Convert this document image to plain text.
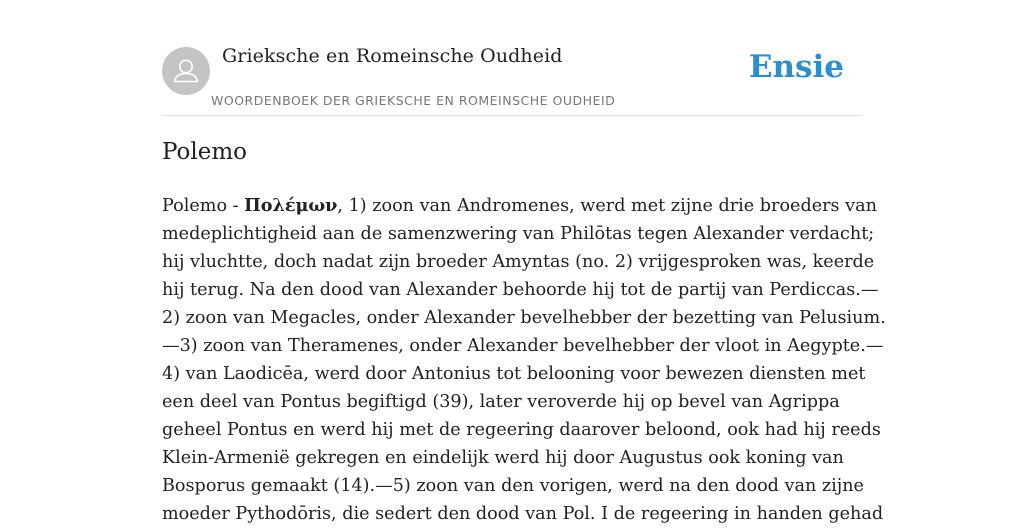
Grieksche en Romeinsche Oudheid
WOORDENBOEK DER GRIEKSCHE EN ROMEINSCHE OUDHEID
Ensie
Polemo
Polemo - Πολέμων, 1) zoon van Andromenes, werd met zijne drie broeders van
medeplichtigheid aan de samenzwering van Philōtas tegen Alexander verdacht;
hij vluchtte, doch nadat zijn broeder Amyntas (no. 2) vrijgesproken was, keerde
hij terug. Na den dood van Alexander behoorde hij tot de partij van Perdiccas.—
2) zoon van Megacles, onder Alexander bevelhebber der bezetting van Pelusium.
—3) zoon van Theramenes, onder Alexander bevelhebber der vloot in Aegypte.—
4) van Laodicēa, werd door Antonius tot belooning voor bewezen diensten met
een deel van Pontus begiftigd (39), later veroverde hij op bevel van Agrippa
geheel Pontus en werd hij met de regeering daarover beloond, ook had hij reeds
Klein-Armenië gekregen en eindelijk werd hij door Augustus ook koning van
Bosporus gemaakt (14).—5) zoon van den vorigen, werd na den dood van zijne
moeder Pythodōris, die sedert den dood van Pol. I de regeering in handen gehad
